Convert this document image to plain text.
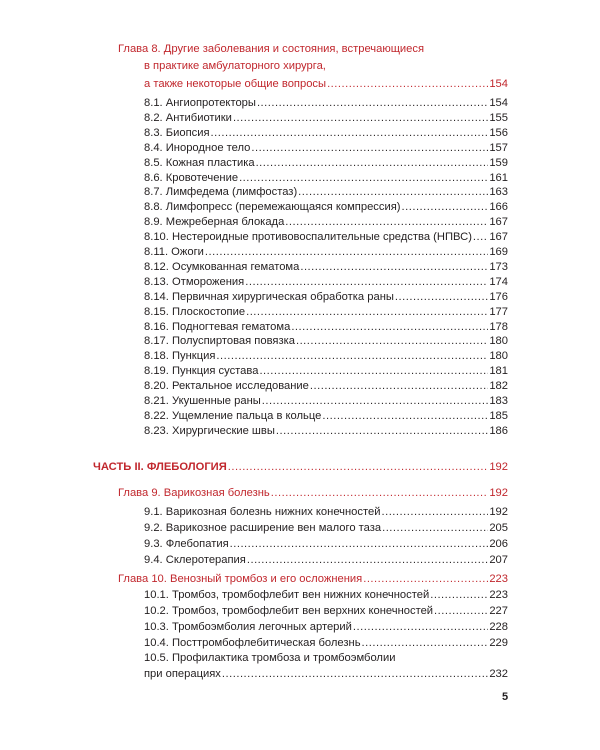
Глава 8. Другие заболевания и состояния, встречающиеся
в практике амбулаторного хирурга,
а также некоторые общие вопросы .....	154
8.1. Ангиопротекторы .....	154
8.2. Антибиотики .....	155
8.3. Биопсия .....	156
8.4. Инородное тело .....	157
8.5. Кожная пластика .....	159
8.6. Кровотечение .....	161
8.7. Лимфедема (лимфостаз) .....	163
8.8. Лимфопресс (перемежающаяся компрессия) .....	166
8.9. Межреберная блокада .....	167
8.10. Нестероидные противовоспалительные средства (НПВС) ..... 167
8.11. Ожоги .....	169
8.12. Осумкованная гематома .....	173
8.13. Отморожения .....	174
8.14. Первичная хирургическая обработка раны .....	176
8.15. Плоскостопие .....	177
8.16. Подногтевая гематома .....	178
8.17. Полуспиртовая повязка .....	180
8.18. Пункция .....	180
8.19. Пункция сустава .....	181
8.20. Ректальное исследование .....	182
8.21. Укушенные раны .....	183
8.22. Ущемление пальца в кольце .....	185
8.23. Хирургические швы .....	186
ЧАСТЬ II. ФЛЕБОЛОГИЯ .....	192
Глава 9. Варикозная болезнь .....	192
9.1. Варикозная болезнь нижних конечностей .....	192
9.2. Варикозное расширение вен малого таза .....	205
9.3. Флебопатия .....	206
9.4. Склеротерапия .....	207
Глава 10. Венозный тромбоз и его осложнения .....	223
10.1. Тромбоз, тромбофлебит вен нижних конечностей .....	223
10.2. Тромбоз, тромбофлебит вен верхних конечностей .....	227
10.3. Тромбоэмболия легочных артерий .....	228
10.4. Посттромбофлебитическая болезнь .....	229
10.5. Профилактика тромбоза и тромбоэмболии
при операциях .....	232
5
